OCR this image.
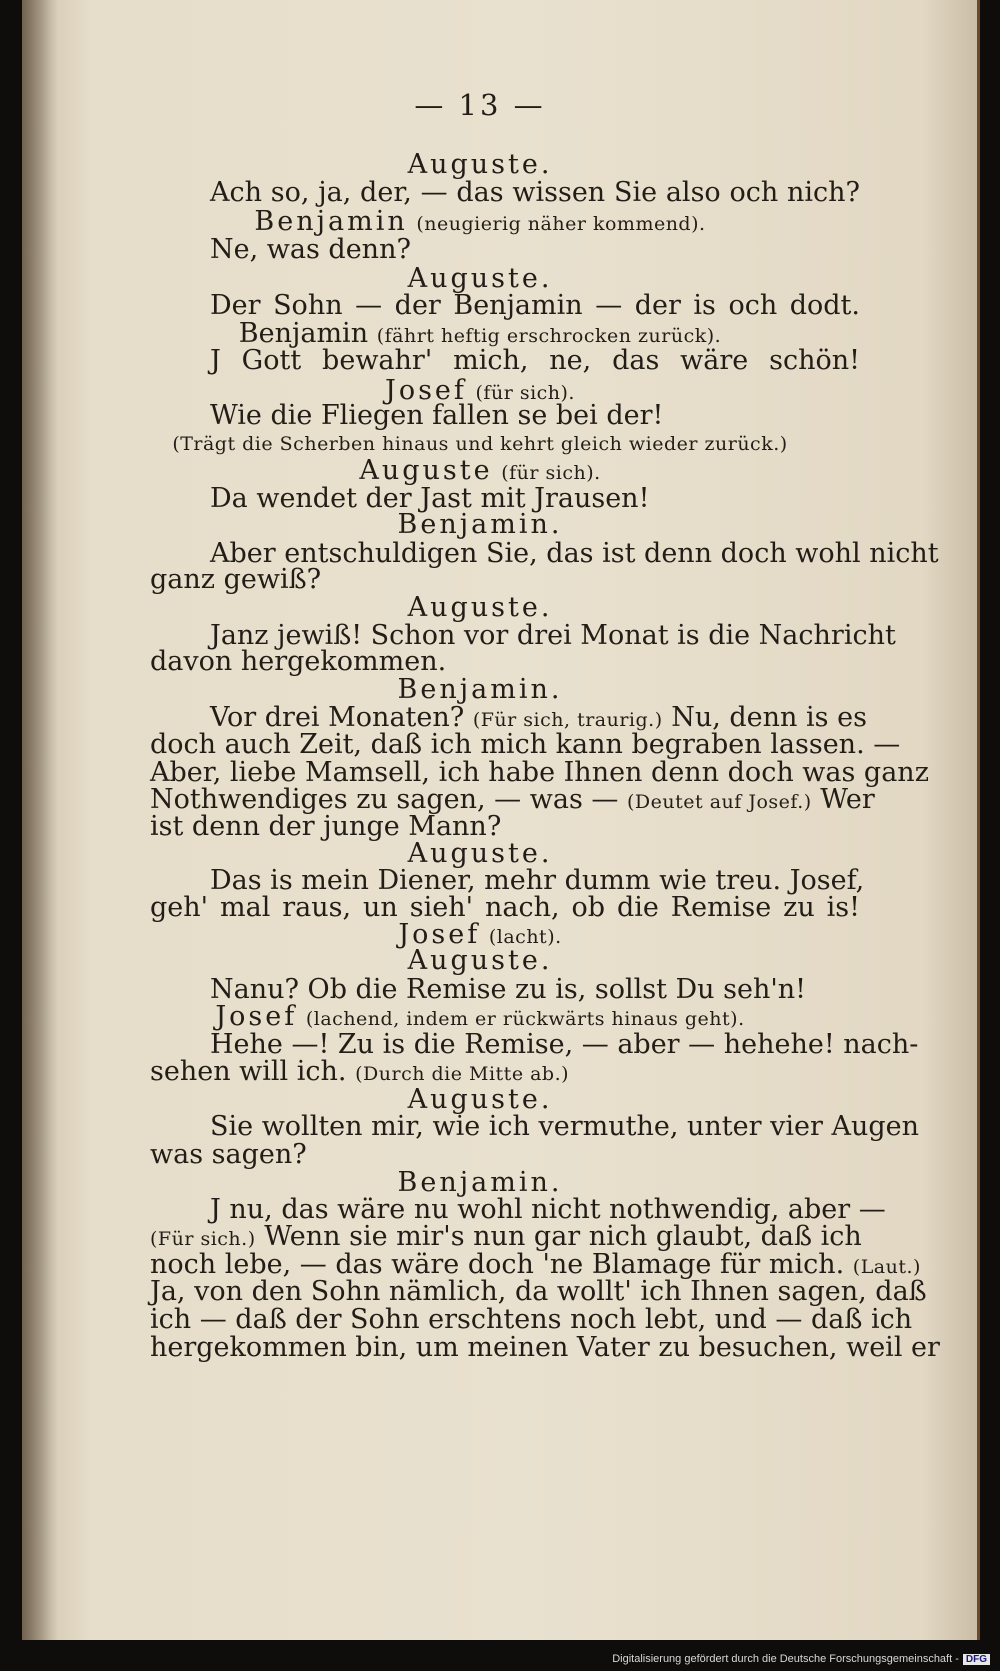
— 13 —
Auguste.
Ach so, ja, der, — das wissen Sie also och nich?
Benjamin (neugierig näher kommend).
Ne, was denn?
Auguste.
Der Sohn — der Benjamin — der is och dodt.
Benjamin (fährt heftig erschrocken zurück).
J Gott bewahr' mich, ne, das wäre schön!
Josef (für sich).
Wie die Fliegen fallen se bei der!
(Trägt die Scherben hinaus und kehrt gleich wieder zurück.)
Auguste (für sich).
Da wendet der Jast mit Jrausen!
Benjamin.
Aber entschuldigen Sie, das ist denn doch wohl nicht
ganz gewiß?
Auguste.
Janz jewiß! Schon vor drei Monat is die Nachricht
davon hergekommen.
Benjamin.
Vor drei Monaten? (Für sich, traurig.) Nu, denn is es
doch auch Zeit, daß ich mich kann begraben lassen. —
Aber, liebe Mamsell, ich habe Ihnen denn doch was ganz
Nothwendiges zu sagen, — was — (Deutet auf Josef.) Wer
ist denn der junge Mann?
Auguste.
Das is mein Diener, mehr dumm wie treu. Josef,
geh' mal raus, un sieh' nach, ob die Remise zu is!
Josef (lacht).
Auguste.
Nanu? Ob die Remise zu is, sollst Du seh'n!
Josef (lachend, indem er rückwärts hinaus geht).
Hehe —! Zu is die Remise, — aber — hehehe! nach-
sehen will ich. (Durch die Mitte ab.)
Auguste.
Sie wollten mir, wie ich vermuthe, unter vier Augen
was sagen?
Benjamin.
J nu, das wäre nu wohl nicht nothwendig, aber —
(Für sich.) Wenn sie mir's nun gar nich glaubt, daß ich
noch lebe, — das wäre doch 'ne Blamage für mich. (Laut.)
Ja, von den Sohn nämlich, da wollt' ich Ihnen sagen, daß
ich — daß der Sohn erschtens noch lebt, und — daß ich
hergekommen bin, um meinen Vater zu besuchen, weil er
Digitalisierung gefördert durch die Deutsche Forschungsgemeinschaft - DFG
